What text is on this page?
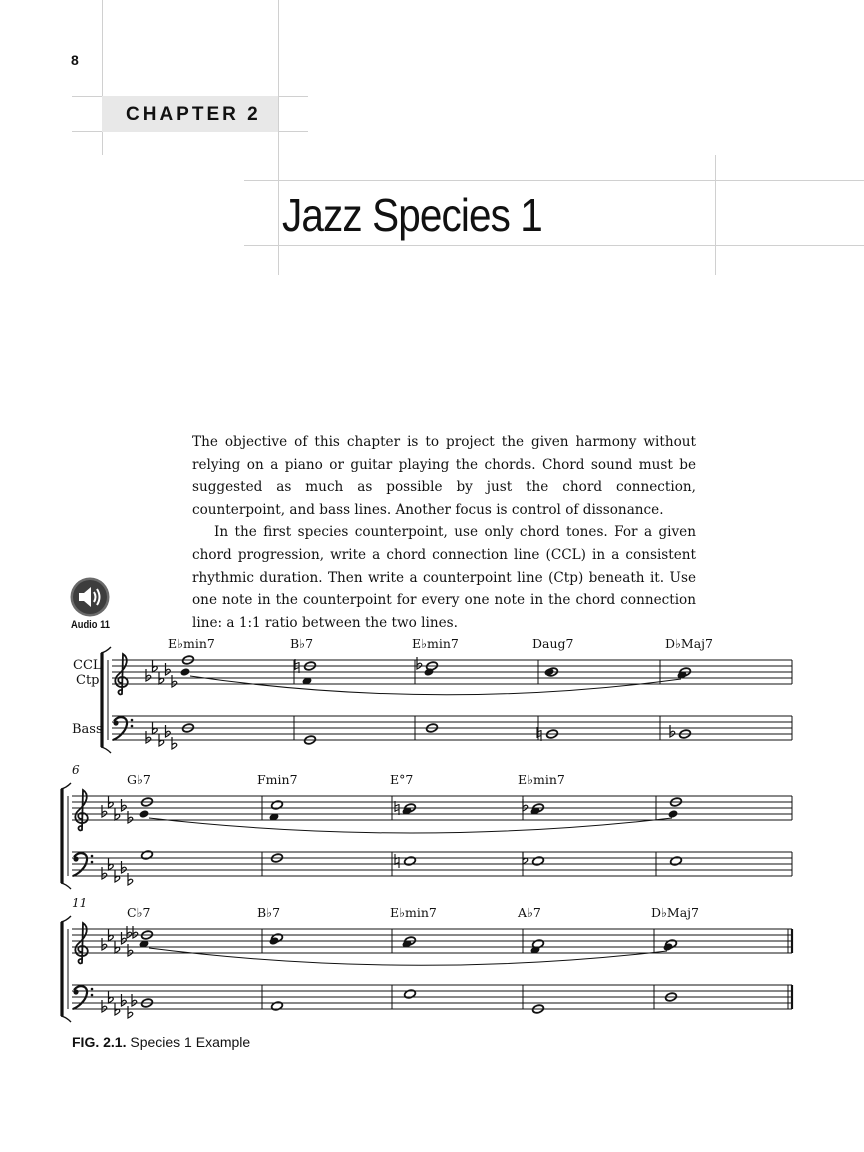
8
CHAPTER 2
Jazz Species 1

The objective of this chapter is to project the given harmony without relying on a piano or guitar playing the chords. Chord sound must be suggested as much as possible by just the chord connection, counterpoint, and bass lines. Another focus is control of dissonance.

In the first species counterpoint, use only chord tones. For a given chord progression, write a chord connection line (CCL) in a consistent rhythmic duration. Then write a counterpoint line (Ctp) beneath it. Use one note in the counterpoint for every one note in the chord connection line: a 1:1 ratio between the two lines.

Audio 11
CCL
Ctp
Bass
E♭min7	B♭7	E♭min7	Daug7	D♭Maj7
6
G♭7	Fmin7	E°7	E♭min7
11
C♭7	B♭7	E♭min7	A♭7	D♭Maj7
FIG. 2.1. Species 1 Example
